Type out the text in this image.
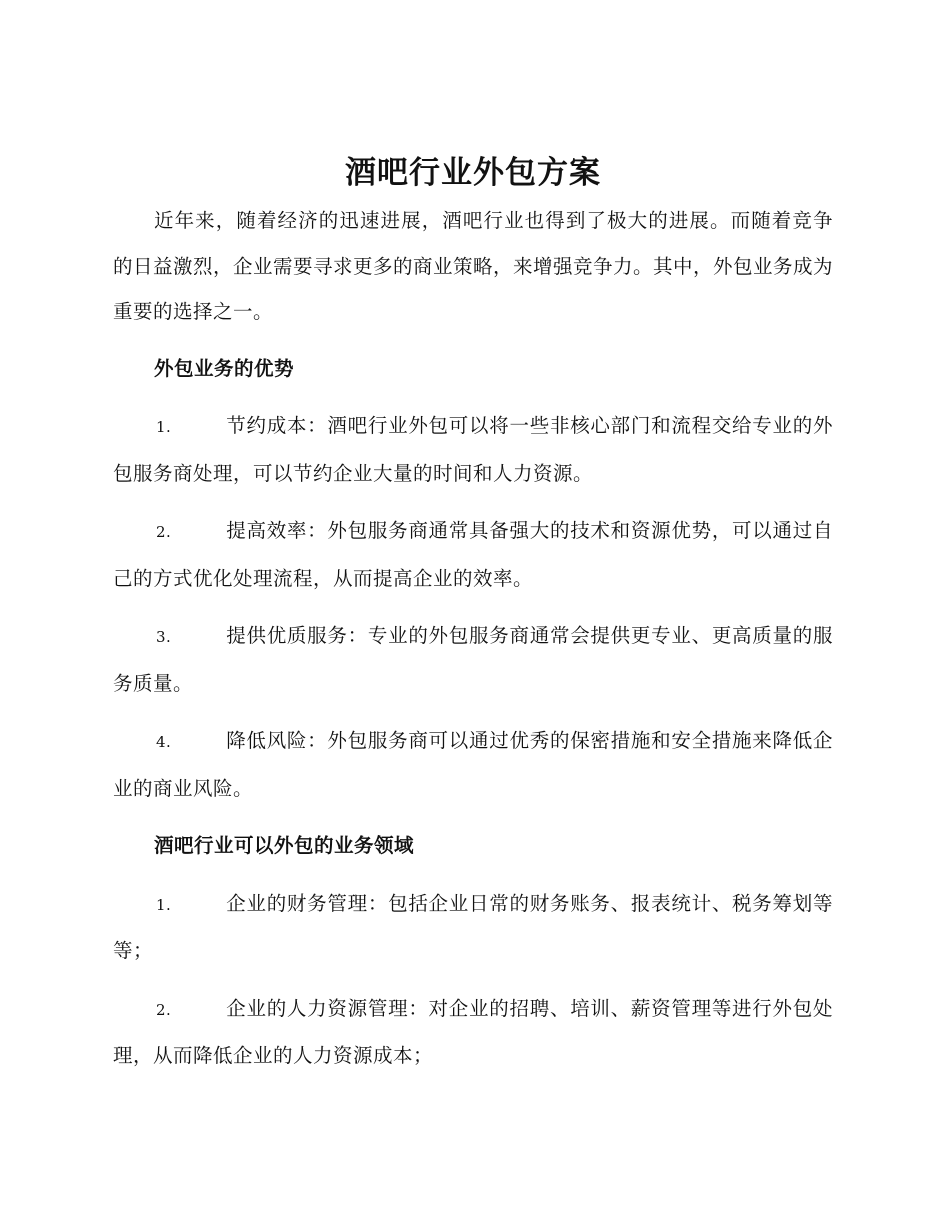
酒吧行业外包方案

近年来，随着经济的迅速进展，酒吧行业也得到了极大的进展。而随着竞争的日益激烈，企业需要寻求更多的商业策略，来增强竞争力。其中，外包业务成为重要的选择之一。

外包业务的优势

1.	节约成本：酒吧行业外包可以将一些非核心部门和流程交给专业的外包服务商处理，可以节约企业大量的时间和人力资源。

2.	提高效率：外包服务商通常具备强大的技术和资源优势，可以通过自己的方式优化处理流程，从而提高企业的效率。

3.	提供优质服务：专业的外包服务商通常会提供更专业、更高质量的服务质量。

4.	降低风险：外包服务商可以通过优秀的保密措施和安全措施来降低企业的商业风险。

酒吧行业可以外包的业务领域

1.	企业的财务管理：包括企业日常的财务账务、报表统计、税务筹划等等；

2.	企业的人力资源管理：对企业的招聘、培训、薪资管理等进行外包处理，从而降低企业的人力资源成本；
